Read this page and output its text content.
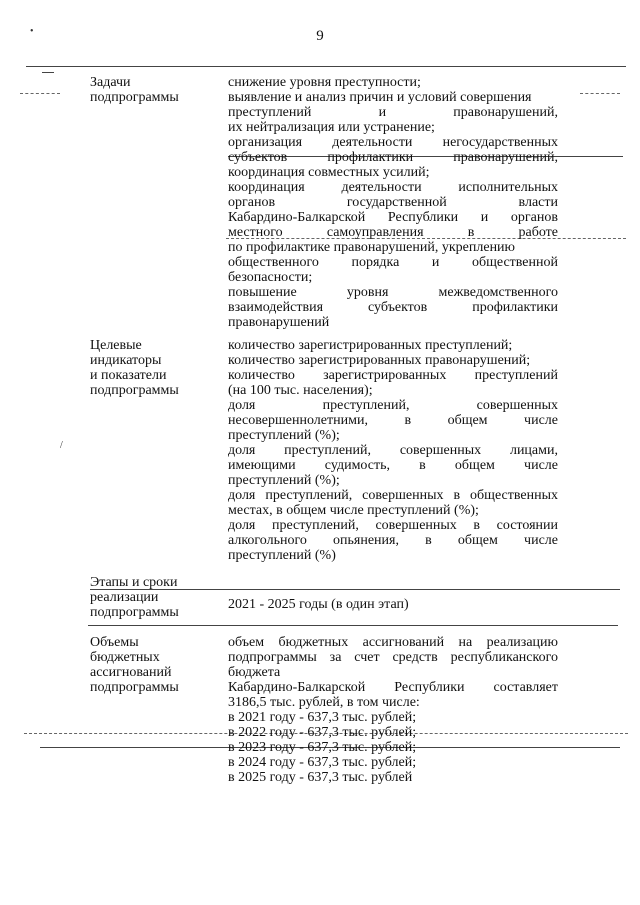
9
•
/
Задачи
подпрограммы
снижение уровня преступности;
выявление и анализ причин и условий совершения
преступлений и правонарушений,
их нейтрализация или устранение;
организация деятельности негосударственных
субъектов профилактики правонарушений,
координация совместных усилий;
координация деятельности исполнительных
органов государственной власти
Кабардино-Балкарской Республики и органов
местного самоуправления в работе
по профилактике правонарушений, укреплению
общественного порядка и общественной
безопасности;
повышение уровня межведомственного
взаимодействия субъектов профилактики
правонарушений
Целевые
индикаторы
и показатели
подпрограммы
количество зарегистрированных преступлений;
количество зарегистрированных правонарушений;
количество зарегистрированных преступлений
(на 100 тыс. населения);
доля преступлений, совершенных
несовершеннолетними, в общем числе
преступлений (%);
доля преступлений, совершенных лицами,
имеющими судимость, в общем числе
преступлений (%);
доля преступлений, совершенных в общественных
местах, в общем числе преступлений (%);
доля преступлений, совершенных в состоянии
алкогольного опьянения, в общем числе
преступлений (%)
Этапы и сроки
реализации
подпрограммы
2021 - 2025 годы (в один этап)
Объемы
бюджетных
ассигнований
подпрограммы
объем бюджетных ассигнований на реализацию
подпрограммы за счет средств республиканского
бюджета
Кабардино-Балкарской Республики составляет
3186,5 тыс. рублей, в том числе:
в 2021 году - 637,3 тыс. рублей;
в 2022 году - 637,3 тыс. рублей;
в 2023 году - 637,3 тыс. рублей;
в 2024 году - 637,3 тыс. рублей;
в 2025 году - 637,3 тыс. рублей
